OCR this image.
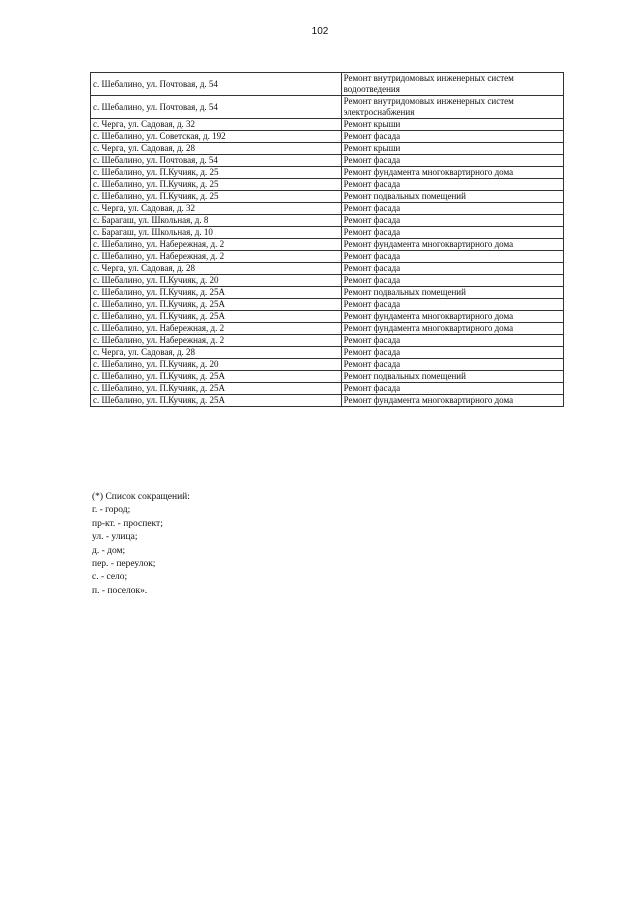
102
с. Шебалино, ул. Почтовая, д. 54	Ремонт внутридомовых инженерных систем водоотведения
с. Шебалино, ул. Почтовая, д. 54	Ремонт внутридомовых инженерных систем электроснабжения
с. Черга, ул. Садовая, д. 32	Ремонт крыши
с. Шебалино, ул. Советская, д. 192	Ремонт фасада
с. Черга, ул. Садовая, д. 28	Ремонт крыши
с. Шебалино, ул. Почтовая, д. 54	Ремонт фасада
с. Шебалино, ул. П.Кучияк, д. 25	Ремонт фундамента многоквартирного дома
с. Шебалино, ул. П.Кучияк, д. 25	Ремонт фасада
с. Шебалино, ул. П.Кучияк, д. 25	Ремонт подвальных помещений
с. Черга, ул. Садовая, д. 32	Ремонт фасада
с. Барагаш, ул. Школьная, д. 8	Ремонт фасада
с. Барагаш, ул. Школьная, д. 10	Ремонт фасада
с. Шебалино, ул. Набережная, д. 2	Ремонт фундамента многоквартирного дома
с. Шебалино, ул. Набережная, д. 2	Ремонт фасада
с. Черга, ул. Садовая, д. 28	Ремонт фасада
с. Шебалино, ул. П.Кучияк, д. 20	Ремонт фасада
с. Шебалино, ул. П.Кучияк, д. 25А	Ремонт подвальных помещений
с. Шебалино, ул. П.Кучияк, д. 25А	Ремонт фасада
с. Шебалино, ул. П.Кучияк, д. 25А	Ремонт фундамента многоквартирного дома
с. Шебалино, ул. Набережная, д. 2	Ремонт фундамента многоквартирного дома
с. Шебалино, ул. Набережная, д. 2	Ремонт фасада
с. Черга, ул. Садовая, д. 28	Ремонт фасада
с. Шебалино, ул. П.Кучияк, д. 20	Ремонт фасада
с. Шебалино, ул. П.Кучияк, д. 25А	Ремонт подвальных помещений
с. Шебалино, ул. П.Кучияк, д. 25А	Ремонт фасада
с. Шебалино, ул. П.Кучияк, д. 25А	Ремонт фундамента многоквартирного дома
(*) Список сокращений:
г. - город;
пр-кт. - проспект;
ул. - улица;
д. - дом;
пер. - переулок;
с. - село;
п. - поселок».
